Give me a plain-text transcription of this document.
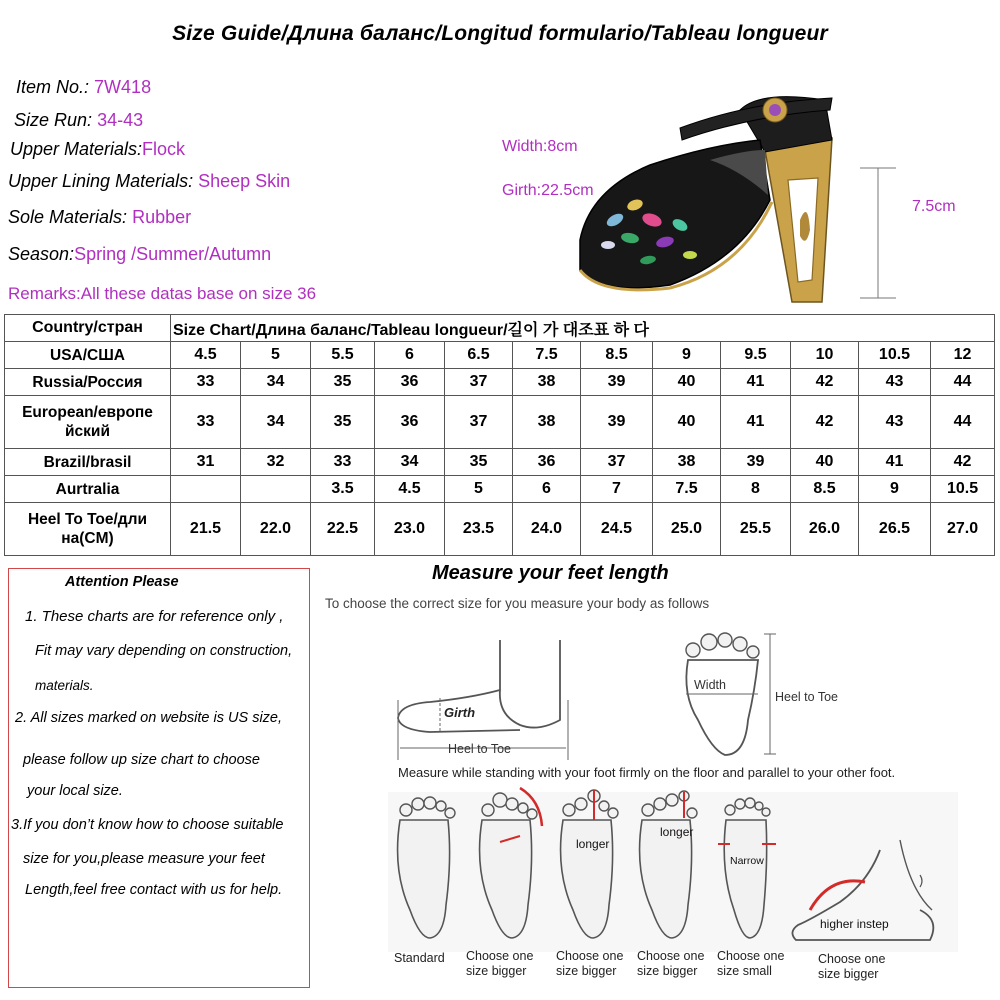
Size Guide/Длина баланс/Longitud formulario/Tableau longueur
Item No.: 7W418
Size Run: 34-43
Upper Materials:Flock
Upper Lining Materials: Sheep Skin
Sole Materials: Rubber
Season:Spring /Summer/Autumn
Remarks:All these datas base on size 36
Width:8cm
Girth:22.5cm
7.5cm
Country/стран	Size Chart/Длина баланс/Tableau longueur/길이 가 대조표 하 다											
USA/США	4.5	5	5.5	6	6.5	7.5	8.5	9	9.5	10	10.5	12
Russia/Россия	33	34	35	36	37	38	39	40	41	42	43	44
European/европе
йский	33	34	35	36	37	38	39	40	41	42	43	44
Brazil/brasil	31	32	33	34	35	36	37	38	39	40	41	42
Aurtralia			3.5	4.5	5	6	7	7.5	8	8.5	9	10.5
Heel To Toe/дли
на(CM)	21.5	22.0	22.5	23.0	23.5	24.0	24.5	25.0	25.5	26.0	26.5	27.0
Attention Please
1. These charts are for reference only ,
Fit may vary depending on construction,
materials.
2. All sizes marked on website is US size,
please follow up size chart to choose
your local size.
3.If you don’t know how to choose suitable
size for you,please measure your feet
Length,feel free contact with us for help.
Measure your feet length
To choose the correct size for you measure your body as follows
Girth
Heel to Toe
Width
Heel to Toe
Measure while standing with your foot firmly on the floor and parallel to your other foot.
longer
longer
Narrow
higher instep
Standard Choose one
size bigger
Choose one
size bigger
Choose one
size bigger
Choose one
size small
Choose one
size bigger
